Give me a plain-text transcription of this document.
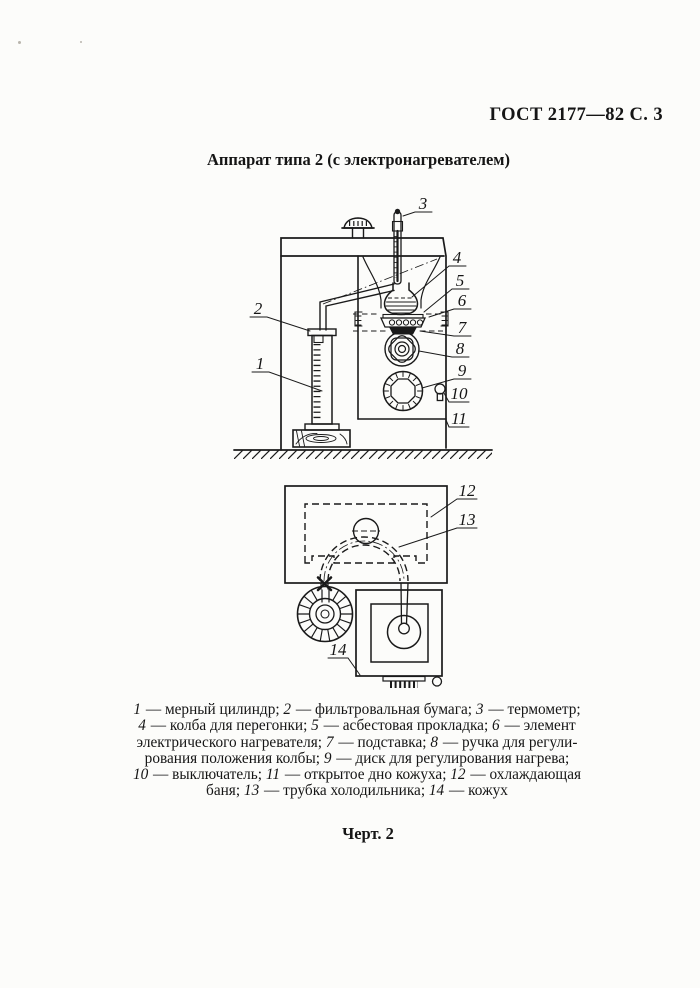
ГОСТ 2177—82 С. 3
Аппарат типа 2 (с электронагревателем)
1
2
3
4
5
6
7
8
9
10
11
12
13
14
1 — мерный цилиндр; 2 — фильтровальная бумага; 3 — термометр;
4 — колба для перегонки; 5 — асбестовая прокладка; 6 — элемент
электрического нагревателя; 7 — подставка; 8 — ручка для регули-
рования положения колбы; 9 — диск для регулирования нагрева;
10 — выключатель; 11 — открытое дно кожуха; 12 — охлаждающая
баня; 13 — трубка холодильника; 14 — кожух
Черт. 2
